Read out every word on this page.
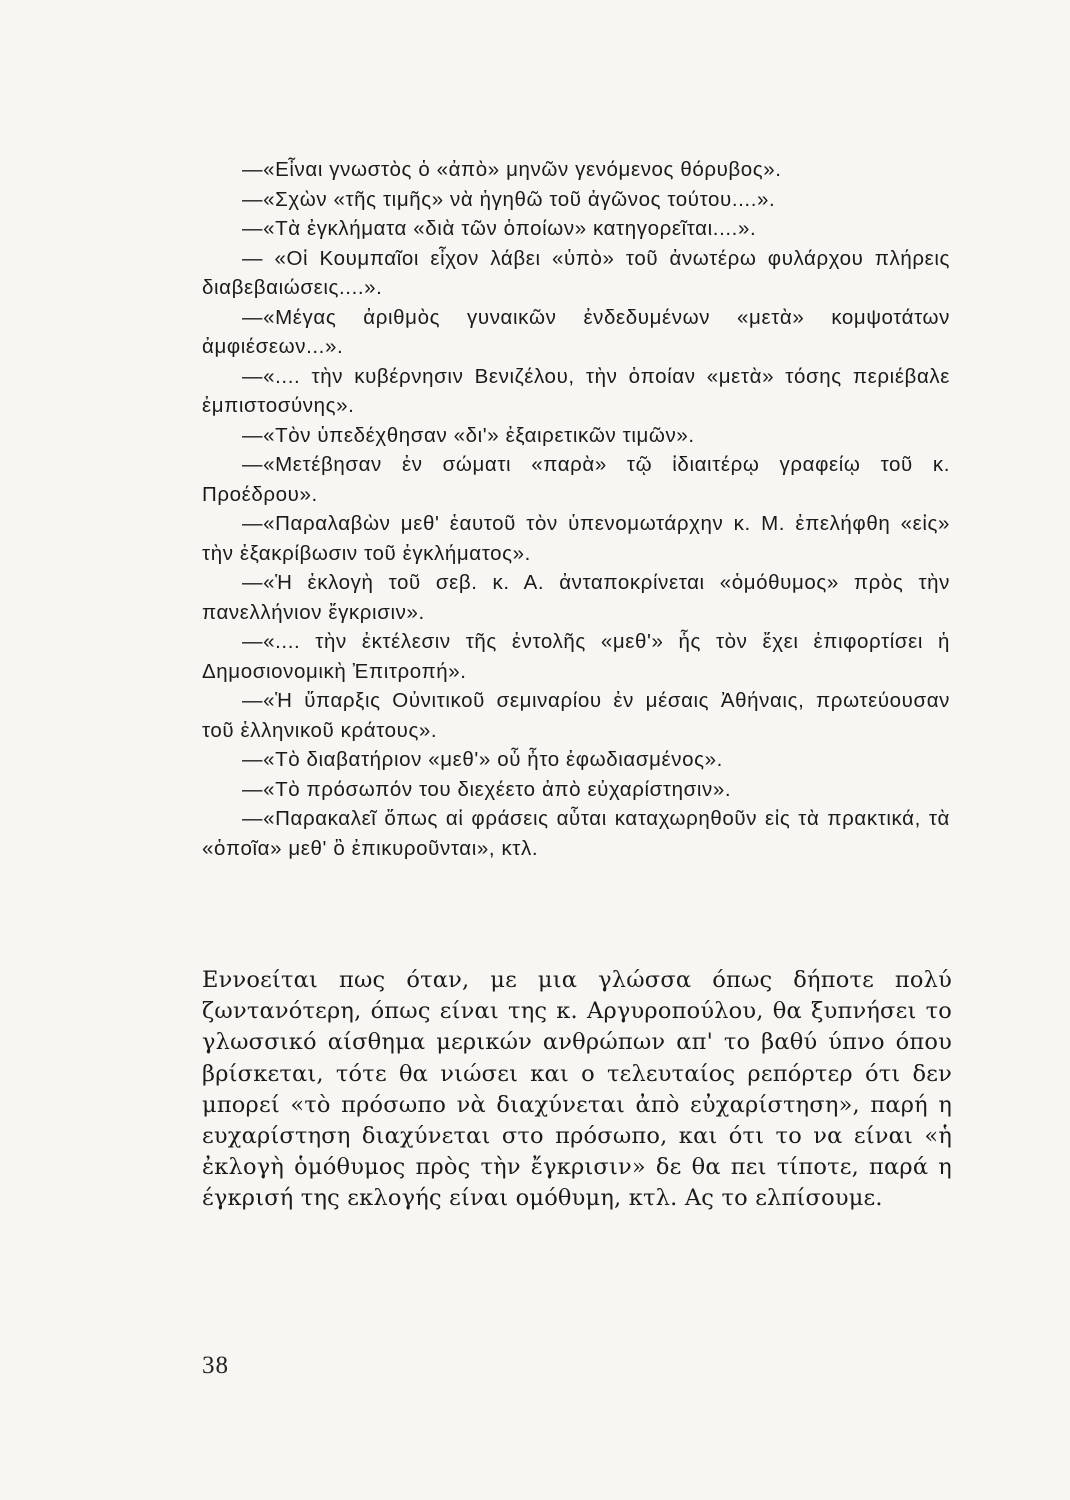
—«Εἶναι γνωστὸς ὁ «ἀπὸ» μηνῶν γενόμενος θόρυβος».

—«Σχὼν «τῆς τιμῆς» νὰ ἡγηθῶ τοῦ ἀγῶνος τούτου....».

—«Τὰ ἐγκλήματα «διὰ τῶν ὁποίων» κατηγορεῖται....».

— «Οἱ Κουμπαῖοι εἶχον λάβει «ὑπὸ» τοῦ ἀνωτέρω φυλάρχου πλήρεις διαβεβαιώσεις....».

—«Μέγας ἀριθμὸς γυναικῶν ἐνδεδυμένων «μετὰ» κομψοτάτων ἀμφιέσεων...».

—«.... τὴν κυβέρνησιν Βενιζέλου, τὴν ὁποίαν «μετὰ» τόσης περιέβαλε ἐμπιστοσύνης».

—«Τὸν ὑπεδέχθησαν «δι'» ἐξαιρετικῶν τιμῶν».

—«Μετέβησαν ἐν σώματι «παρὰ» τῷ ἰδιαιτέρῳ γραφείῳ τοῦ κ. Προέδρου».

—«Παραλαβὼν μεθ' ἑαυτοῦ τὸν ὑπενομωτάρχην κ. Μ. ἐπελήφθη «εἰς» τὴν ἐξακρίβωσιν τοῦ ἐγκλήματος».

—«Ἡ ἐκλογὴ τοῦ σεβ. κ. Α. ἀνταποκρίνεται «ὁμόθυμος» πρὸς τὴν πανελλήνιον ἔγκρισιν».

—«.... τὴν ἐκτέλεσιν τῆς ἐντολῆς «μεθ'» ἧς τὸν ἔχει ἐπιφορτίσει ἡ Δημοσιονομικὴ Ἐπιτροπή».

—«Ἡ ὕπαρξις Οὐνιτικοῦ σεμιναρίου ἐν μέσαις Ἀθήναις, πρωτεύουσαν τοῦ ἑλληνικοῦ κράτους».

—«Τὸ διαβατήριον «μεθ'» οὗ ἦτο ἐφωδιασμένος».

—«Τὸ πρόσωπόν του διεχέετο ἀπὸ εὐχαρίστησιν».

—«Παρακαλεῖ ὅπως αἱ φράσεις αὗται καταχωρηθοῦν εἰς τὰ πρακτικά, τὰ «ὁποῖα» μεθ' ὃ ἐπικυροῦνται», κτλ.

Εννοείται πως όταν, με μια γλώσσα όπως δήποτε πολύ ζωντανότερη, όπως είναι της κ. Αργυροπούλου, θα ξυπνήσει το γλωσσικό αίσθημα μερικών ανθρώπων απ' το βαθύ ύπνο όπου βρίσκεται, τότε θα νιώσει και ο τελευταίος ρεπόρτερ ότι δεν μπορεί «τὸ πρόσωπο νὰ διαχύνεται ἀπὸ εὐχαρίστηση», παρή η ευχαρίστηση διαχύνεται στο πρόσωπο, και ότι το να είναι «ἡ ἐκλογὴ ὁμόθυμος πρὸς τὴν ἔγκρισιν» δε θα πει τίποτε, παρά η έγκρισή της εκλογής είναι ομόθυμη, κτλ. Ας το ελπίσουμε.

38
